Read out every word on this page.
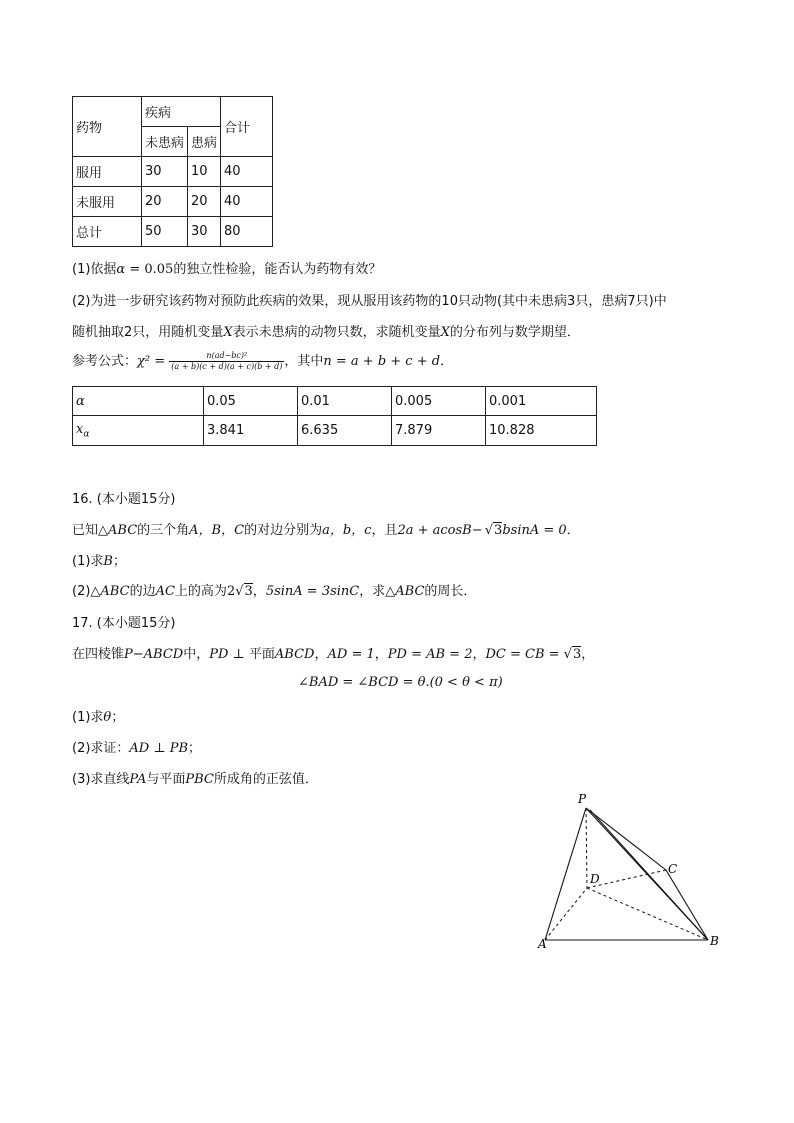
药物	疾病		合计
	未患病	患病	
服用	30	10	40
未服用	20	20	40
总计	50	30	80
(1)依据α = 0.05的独立性检验，能否认为药物有效？
(2)为进一步研究该药物对预防此疾病的效果，现从服用该药物的10只动物(其中未患病3只，患病7只)中
随机抽取2只，用随机变量X表示未患病的动物只数，求随机变量X的分布列与数学期望．
参考公式：$\chi^2 = \frac{\text{n(ad−bc)²}}{(a + b)(c + d)(a + c)(b + d)}$ ，其中n = a + b + c + d．
α	0.05	0.01	0.005	0.001
$x_\alpha$	3.841	6.635	7.879	10.828
16. (本小题15分)
已知△ABC的三个角A，B，C的对边分别为a，b，c，且2a + acosB− √3bsinA = 0．
(1)求B；
(2)△ABC的边AC上的高为2√3，5sinA = 3sinC，求△ABC的周长．
17. (本小题15分)
在四棱锥P−ABCD中，PD ⊥ 平面ABCD，AD = 1，PD = AB = 2，DC = CB = √3，
∠BAD = ∠BCD = θ.(0 < θ < π)
(1)求θ；
(2)求证：AD ⊥ PB；
(3)求直线PA与平面PBC所成角的正弦值．
P
A	B
C
D
